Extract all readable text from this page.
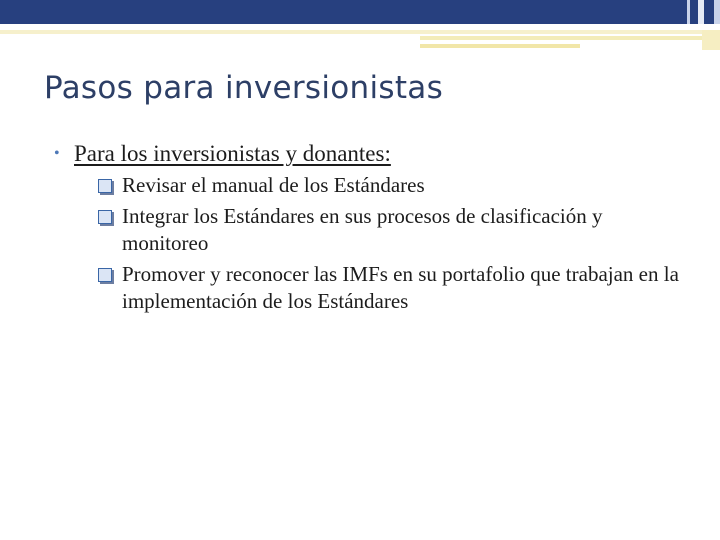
Pasos para inversionistas
• Para los inversionistas y donantes:
Revisar el manual de los Estándares
Integrar los Estándares en sus procesos de clasificación y monitoreo
Promover y reconocer las IMFs en su portafolio que trabajan en la implementación de los Estándares
